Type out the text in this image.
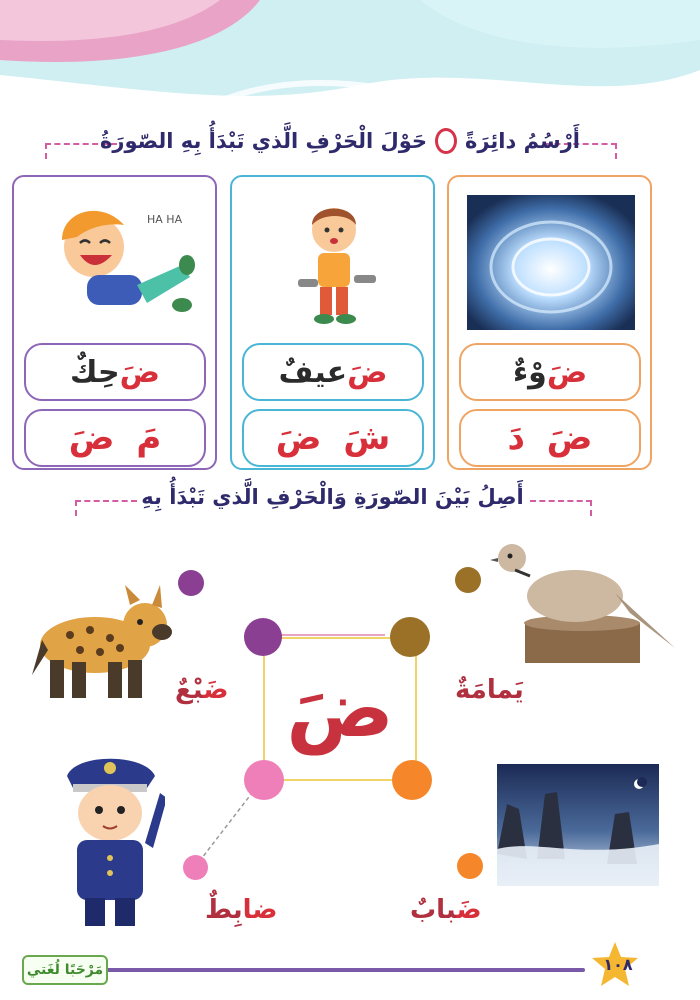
أَرْسُمُ دائِرَةً
حَوْلَ الْحَرْفِ الَّذي تَبْدَأُ بِهِ الصّورَةُ
HA HA
ضَ
حِكٌ
مَ

ضَ
ضَ
عيفٌ
شَ

ضَ
ضَ
وْءٌ
ضَ

دَ
أَصِلُ بَيْنَ الصّورَةِ وَالْحَرْفِ الَّذي تَبْدَأُ بِهِ
ضَ
ضَبْعٌ	يَمامَةٌ
ضابِطٌ	ضَبابٌ
مَرْحَبًا لُغَتي	١٠٨
